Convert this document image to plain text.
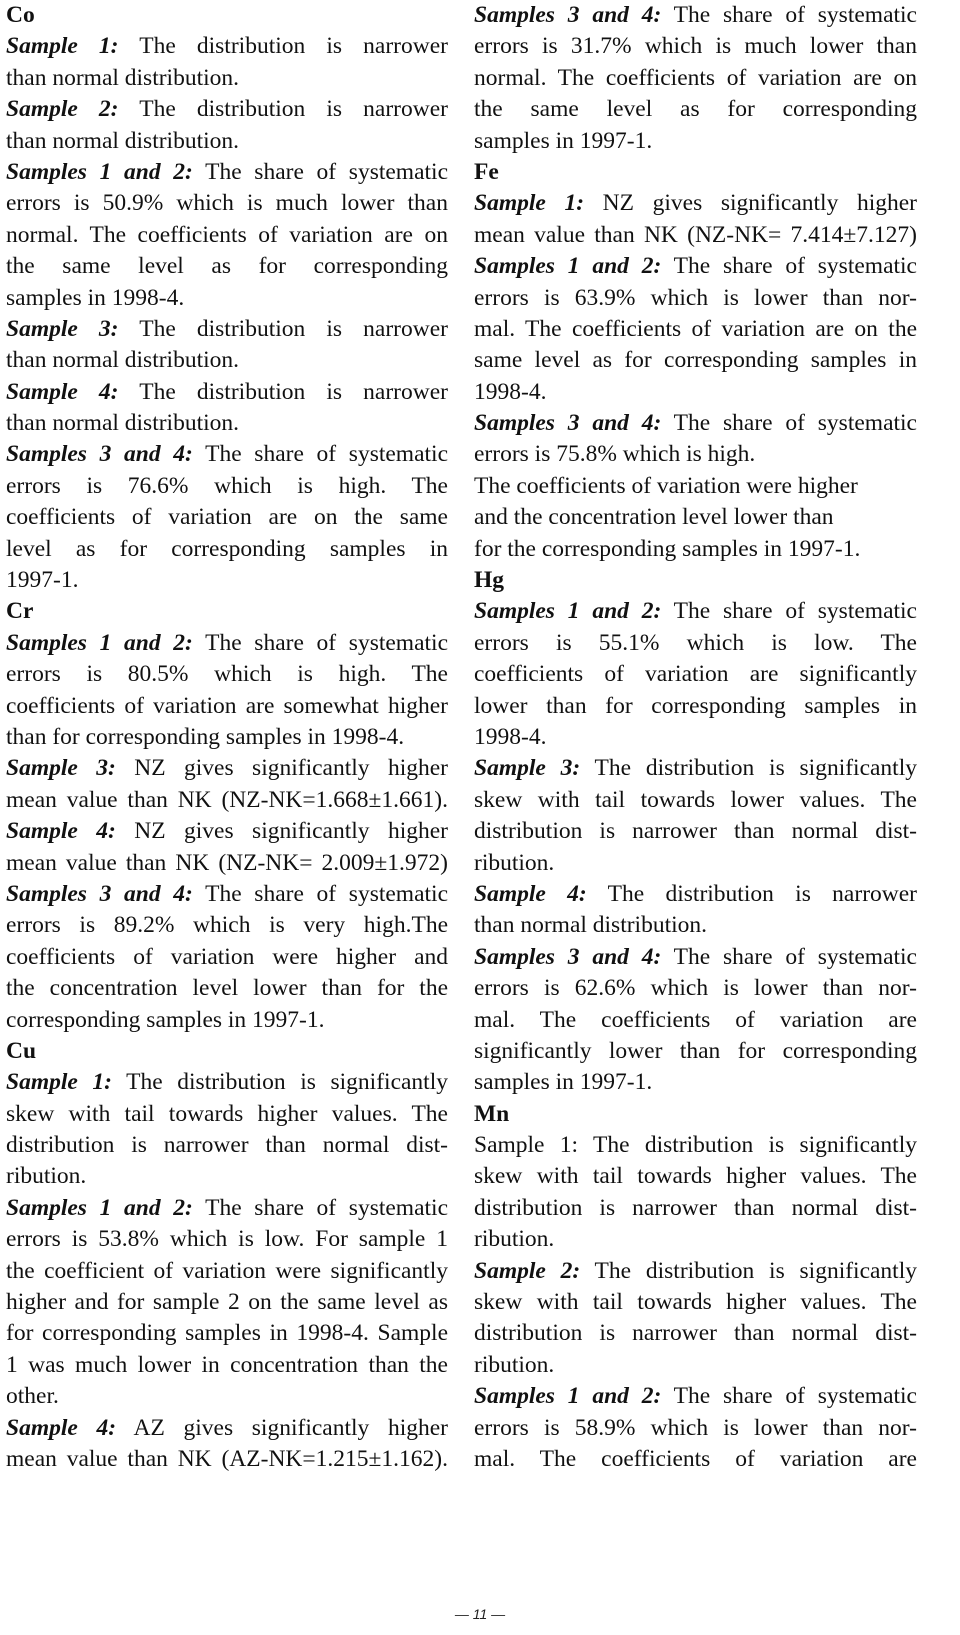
Co
Sample 1: The distribution is narrower
than normal distribution.
Sample 2: The distribution is narrower
than normal distribution.
Samples 1 and 2: The share of systematic
errors is 50.9% which is much lower than
normal. The coefficients of variation are on
the same level as for corresponding
samples in 1998-4.
Sample 3: The distribution is narrower
than normal distribution.
Sample 4: The distribution is narrower
than normal distribution.
Samples 3 and 4: The share of systematic
errors is 76.6% which is high. The
coefficients of variation are on the same
level as for corresponding samples in
1997-1.
Cr
Samples 1 and 2: The share of systematic
errors is 80.5% which is high. The
coefficients of variation are somewhat higher
than for corresponding samples in 1998-4.
Sample 3: NZ gives significantly higher
mean value than NK (NZ-NK=1.668±1.661).
Sample 4: NZ gives significantly higher
mean value than NK (NZ-NK= 2.009±1.972)
Samples 3 and 4: The share of systematic
errors is 89.2% which is very high.The
coefficients of variation were higher and
the concentration level lower than for the
corresponding samples in 1997-1.
Cu
Sample 1: The distribution is significantly
skew with tail towards higher values. The
distribution is narrower than normal dist-
ribution.
Samples 1 and 2: The share of systematic
errors is 53.8% which is low. For sample 1
the coefficient of variation were significantly
higher and for sample 2 on the same level as
for corresponding samples in 1998-4. Sample
1 was much lower in concentration than the
other.
Sample 4: AZ gives significantly higher
mean value than NK (AZ-NK=1.215±1.162).
Samples 3 and 4: The share of systematic
errors is 31.7% which is much lower than
normal. The coefficients of variation are on
the same level as for corresponding
samples in 1997-1.
Fe
Sample 1: NZ gives significantly higher
mean value than NK (NZ-NK= 7.414±7.127)
Samples 1 and 2: The share of systematic
errors is 63.9% which is lower than nor-
mal. The coefficients of variation are on the
same level as for corresponding samples in
1998-4.
Samples 3 and 4: The share of systematic
errors is 75.8% which is high.
The coefficients of variation were higher
and the concentration level lower than
for the corresponding samples in 1997-1.
Hg
Samples 1 and 2: The share of systematic
errors is 55.1% which is low. The
coefficients of variation are significantly
lower than for corresponding samples in
1998-4.
Sample 3: The distribution is significantly
skew with tail towards lower values. The
distribution is narrower than normal dist-
ribution.
Sample 4: The distribution is narrower
than normal distribution.
Samples 3 and 4: The share of systematic
errors is 62.6% which is lower than nor-
mal. The coefficients of variation are
significantly lower than for corresponding
samples in 1997-1.
Mn
Sample 1: The distribution is significantly
skew with tail towards higher values. The
distribution is narrower than normal dist-
ribution.
Sample 2: The distribution is significantly
skew with tail towards higher values. The
distribution is narrower than normal dist-
ribution.
Samples 1 and 2: The share of systematic
errors is 58.9% which is lower than nor-
mal. The coefficients of variation are
— 11 —
